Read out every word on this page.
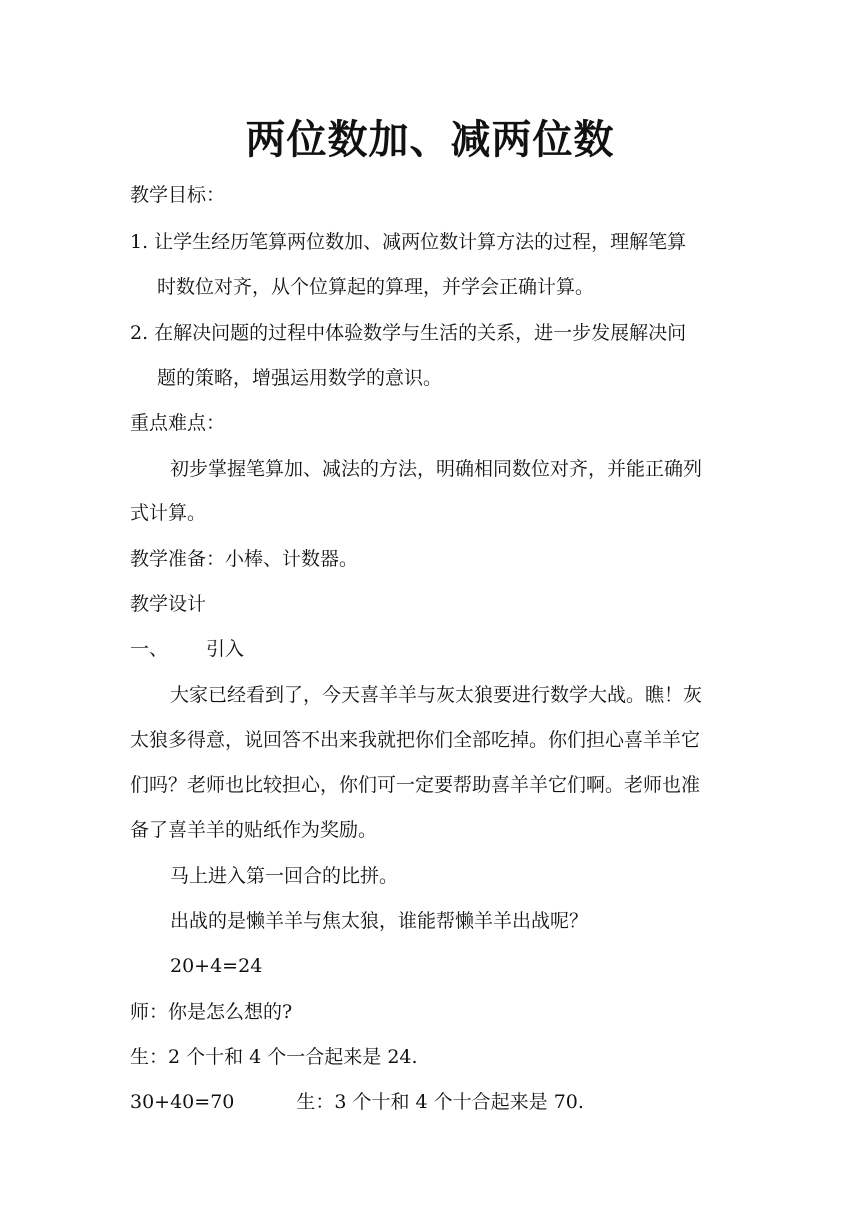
两位数加、减两位数
教学目标：
1. 让学生经历笔算两位数加、减两位数计算方法的过程，理解笔算
时数位对齐，从个位算起的算理，并学会正确计算。
2. 在解决问题的过程中体验数学与生活的关系，进一步发展解决问
题的策略，增强运用数学的意识。
重点难点：
初步掌握笔算加、减法的方法，明确相同数位对齐，并能正确列
式计算。
教学准备：小棒、计数器。
教学设计
一、 引入
大家已经看到了，今天喜羊羊与灰太狼要进行数学大战。瞧！灰
太狼多得意，说回答不出来我就把你们全部吃掉。你们担心喜羊羊它
们吗？老师也比较担心，你们可一定要帮助喜羊羊它们啊。老师也准
备了喜羊羊的贴纸作为奖励。
马上进入第一回合的比拼。
出战的是懒羊羊与焦太狼，谁能帮懒羊羊出战呢？
20+4=24
师：你是怎么想的?
生：2 个十和 4 个一合起来是 24.
30+40=70	生：3 个十和 4 个十合起来是 70.
